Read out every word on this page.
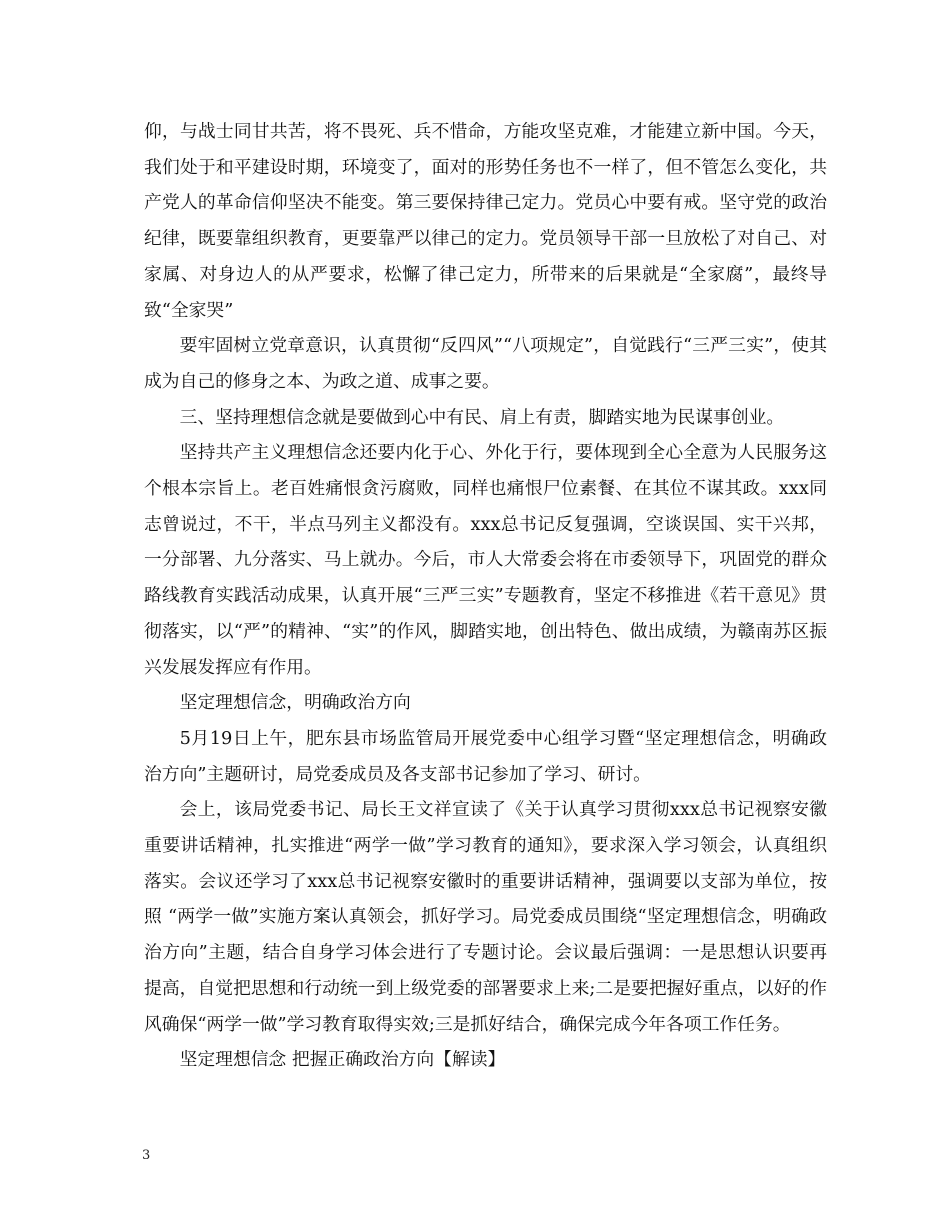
仰，与战士同甘共苦，将不畏死、兵不惜命，方能攻坚克难，才能建立新中国。今天，我们处于和平建设时期，环境变了，面对的形势任务也不一样了，但不管怎么变化，共产党人的革命信仰坚决不能变。第三要保持律己定力。党员心中要有戒。坚守党的政治纪律，既要靠组织教育，更要靠严以律己的定力。党员领导干部一旦放松了对自己、对家属、对身边人的从严要求，松懈了律己定力，所带来的后果就是“全家腐”，最终导致“全家哭”

要牢固树立党章意识，认真贯彻“反四风”“八项规定”，自觉践行“三严三实”，使其成为自己的修身之本、为政之道、成事之要。

三、坚持理想信念就是要做到心中有民、肩上有责，脚踏实地为民谋事创业。

坚持共产主义理想信念还要内化于心、外化于行，要体现到全心全意为人民服务这个根本宗旨上。老百姓痛恨贪污腐败，同样也痛恨尸位素餐、在其位不谋其政。xxx同志曾说过，不干，半点马列主义都没有。xxx总书记反复强调，空谈误国、实干兴邦，一分部署、九分落实、马上就办。今后，市人大常委会将在市委领导下，巩固党的群众路线教育实践活动成果，认真开展“三严三实”专题教育，坚定不移推进《若干意见》贯彻落实，以“严”的精神、“实”的作风，脚踏实地，创出特色、做出成绩，为赣南苏区振兴发展发挥应有作用。

坚定理想信念，明确政治方向

5月19日上午，肥东县市场监管局开展党委中心组学习暨“坚定理想信念，明确政治方向”主题研讨，局党委成员及各支部书记参加了学习、研讨。

会上，该局党委书记、局长王文祥宣读了《关于认真学习贯彻xxx总书记视察安徽重要讲话精神，扎实推进“两学一做”学习教育的通知》，要求深入学习领会，认真组织落实。会议还学习了xxx总书记视察安徽时的重要讲话精神，强调要以支部为单位，按照 “两学一做”实施方案认真领会，抓好学习。局党委成员围绕“坚定理想信念，明确政治方向”主题，结合自身学习体会进行了专题讨论。会议最后强调：一是思想认识要再提高，自觉把思想和行动统一到上级党委的部署要求上来;二是要把握好重点，以好的作风确保“两学一做”学习教育取得实效;三是抓好结合，确保完成今年各项工作任务。

坚定理想信念 把握正确政治方向【解读】

3
